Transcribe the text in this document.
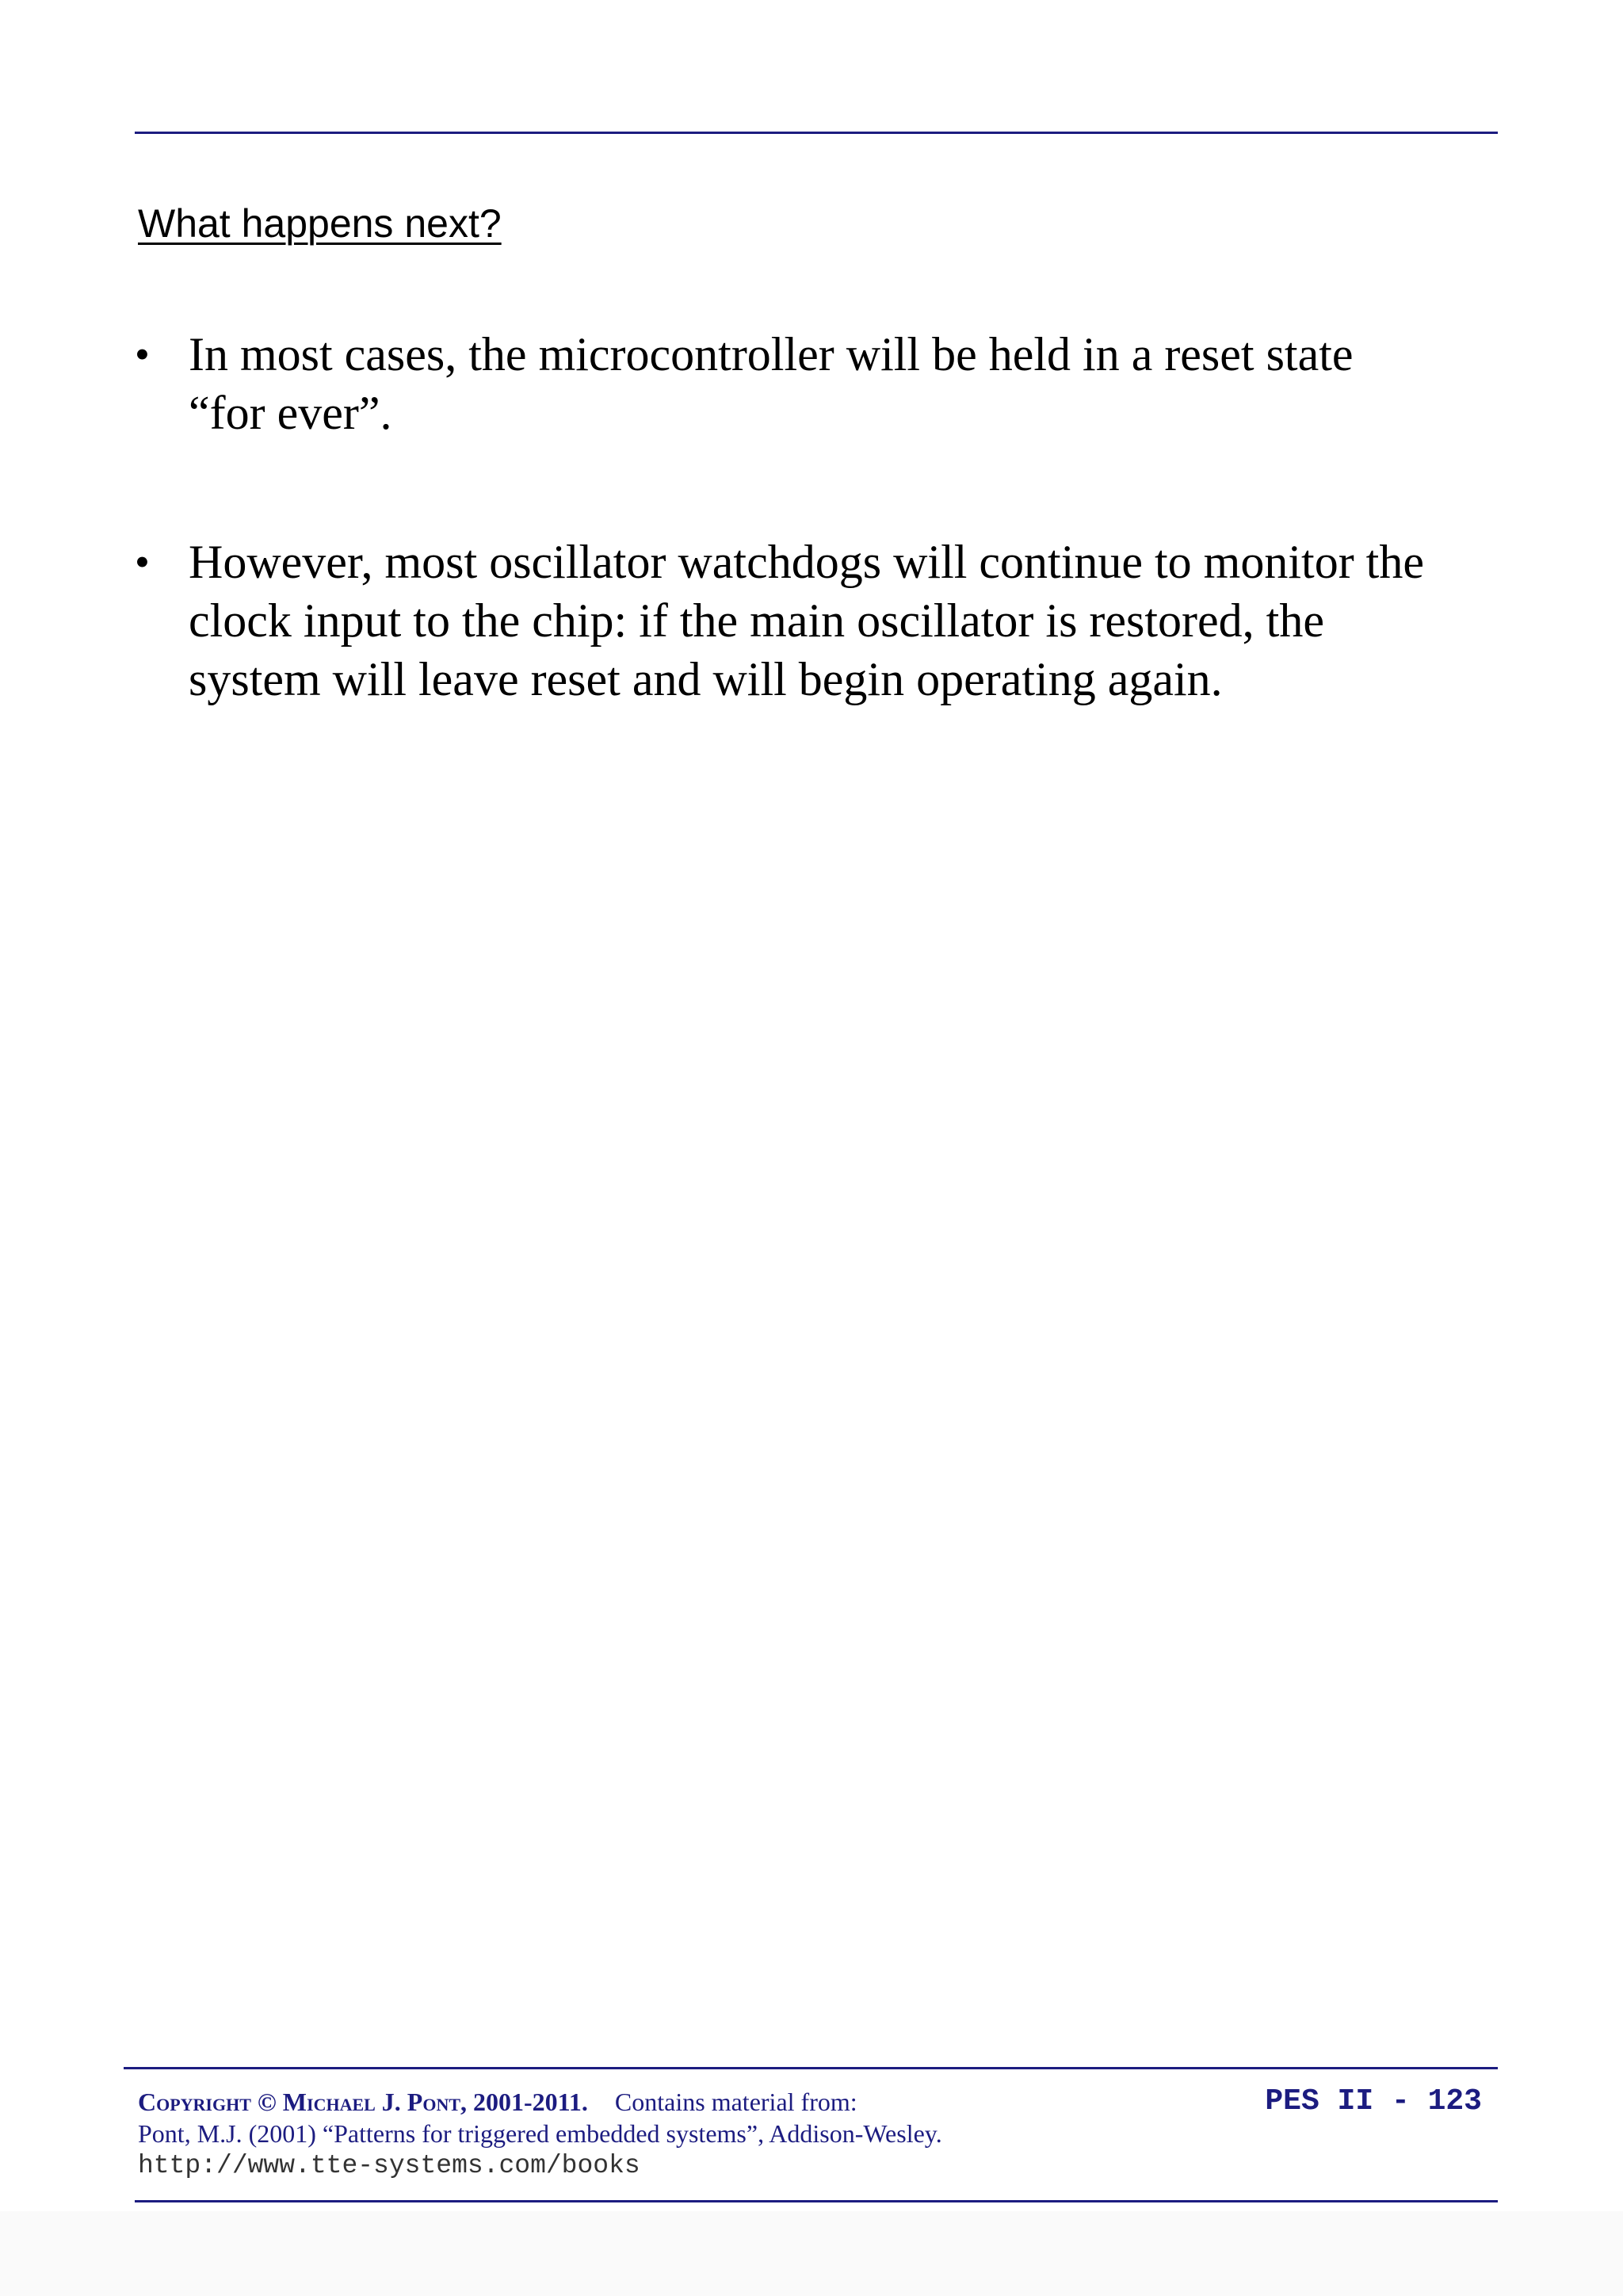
What happens next?
• In most cases, the microcontroller will be held in a reset state “for ever”.
• However, most oscillator watchdogs will continue to monitor the clock input to the chip: if the main oscillator is restored, the system will leave reset and will begin operating again.
Copyright © Michael J. Pont, 2001-2011. Contains material from:
Pont, M.J. (2001) “Patterns for triggered embedded systems”, Addison-Wesley.
http://www.tte-systems.com/books
PES II - 123
